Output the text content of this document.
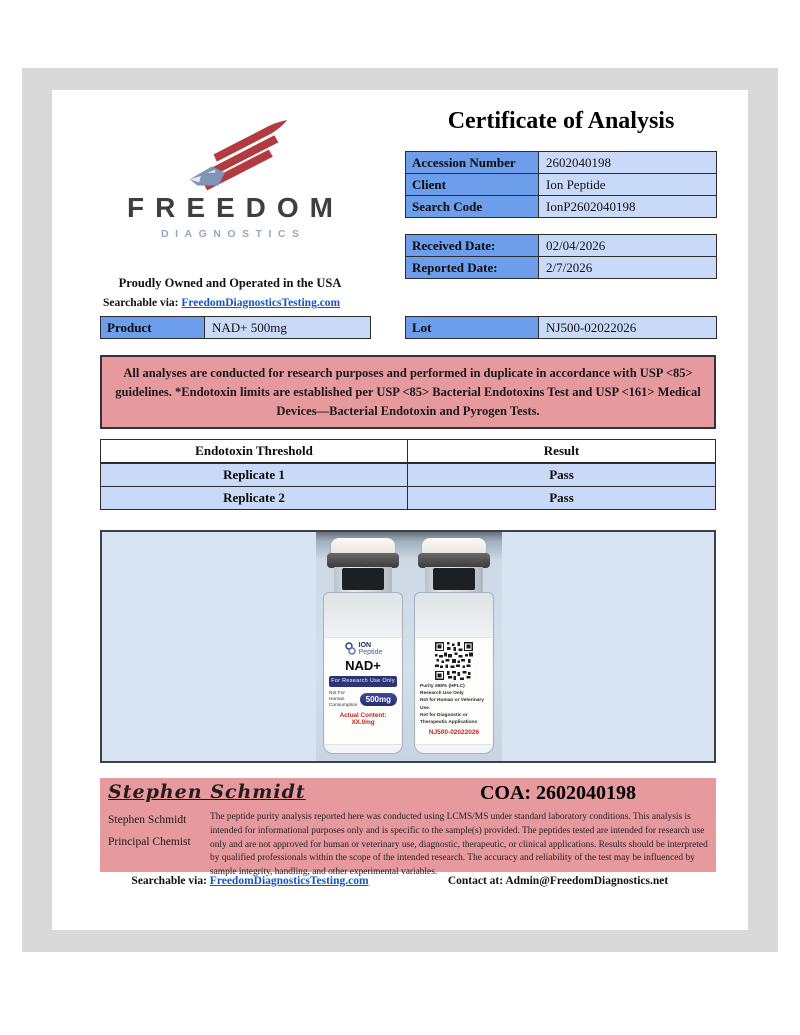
FREEDOM
DIAGNOSTICS
Proudly Owned and Operated in the USA
Searchable via: FreedomDiagnosticsTesting.com
Product	NAD+ 500mg
Certificate of Analysis
Accession Number	2602040198
Client	Ion Peptide
Search Code	IonP2602040198
Received Date:	02/04/2026
Reported Date:	2/7/2026
Lot	NJ500-02022026
All analyses are conducted for research purposes and performed in duplicate in accordance with USP <85> guidelines. *Endotoxin limits are established per USP <85> Bacterial Endotoxins Test and USP <161> Medical Devices—Bacterial Endotoxin and Pyrogen Tests.
Endotoxin Threshold	Result
Replicate 1	Pass
Replicate 2	Pass
ION
Peptide
NAD+
For Research Use Only
Not For Human
Consumption
500mg
Actual Content: XX.0mg
Purity ≥98% (HPLC)
Research Use Only
Not for Human or Veterinary Use.
Not for Diagnostic or Therapeutic Applications
NJ500-02022026
Stephen Schmidt	COA: 2602040198
Stephen Schmidt
Principal Chemist
The peptide purity analysis reported here was conducted using LCMS/MS under standard laboratory conditions. This analysis is intended for informational purposes only and is specific to the sample(s) provided. The peptides tested are intended for research use only and are not approved for human or veterinary use, diagnostic, therapeutic, or clinical applications. Results should be interpreted by qualified professionals within the scope of the intended research. The accuracy and reliability of the test may be influenced by sample integrity, handling, and other experimental variables.
Searchable via: FreedomDiagnosticsTesting.com	Contact at: Admin@FreedomDiagnostics.net
